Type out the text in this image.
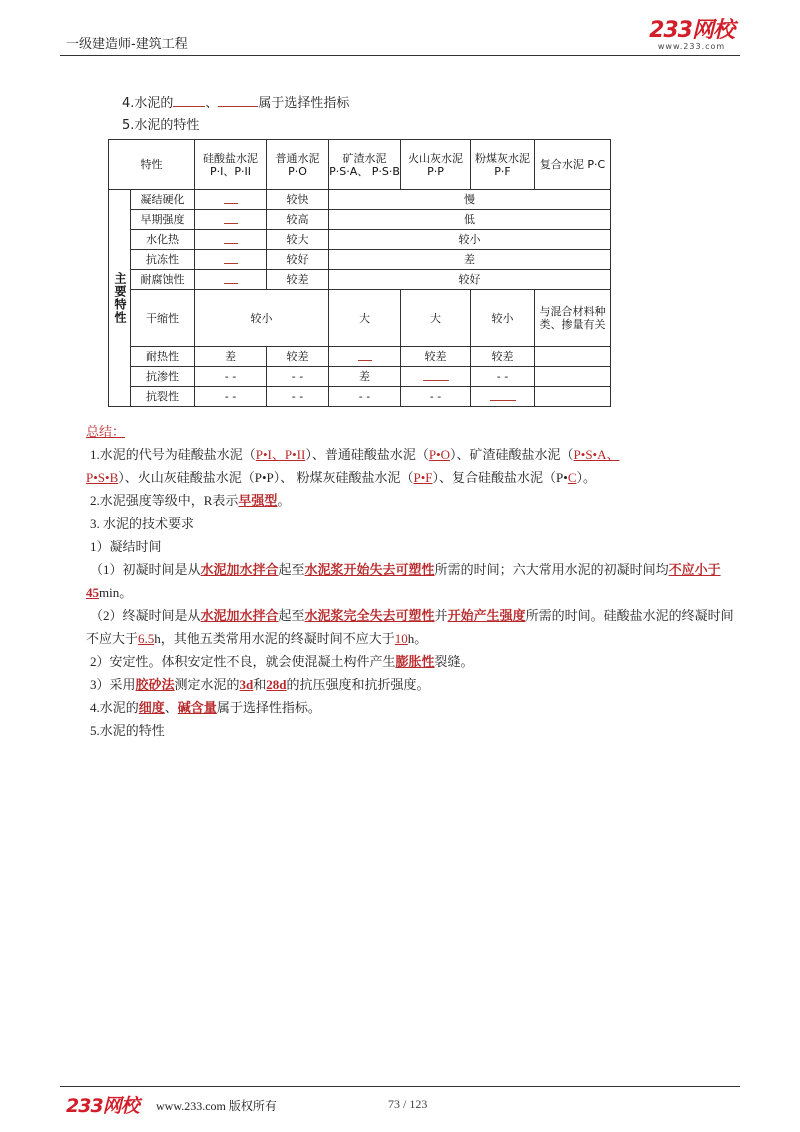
一级建造师-建筑工程
233网校
www.233.com
4.水泥的 、	属于选择性指标
5.水泥的特性
特性		硅酸盐水泥 P·I、P·II	普通水泥 P·O	矿渣水泥 P·S·A、 P·S·B	火山灰水泥P·P	粉煤灰水泥P·F	复合水泥 P·C
主要特性	凝结硬化		较快	慢			
	早期强度		较高	低			
	水化热		较大	较小			
	抗冻性		较好	差			
	耐腐蚀性		较差	较好			
	干缩性	较小		大	大	较小	与混合材料种类、掺量有关
	耐热性	差	较差		较差	较差	
	抗渗性	- -	- -	差		- -	
	抗裂性	- -	- -	- -	- -		
总结：
1.水泥的代号为硅酸盐水泥（P•I、P•II）、普通硅酸盐水泥（P•O）、矿渣硅酸盐水泥（P•S•A、
P•S•B）、火山灰硅酸盐水泥（P•P）、 粉煤灰硅酸盐水泥（P•F）、复合硅酸盐水泥（P•C）。
2.水泥强度等级中，R表示早强型。
3. 水泥的技术要求
1）凝结时间
（1）初凝时间是从水泥加水拌合起至水泥浆开始失去可塑性所需的时间；六大常用水泥的初凝时间均不应小于45min。
（2）终凝时间是从水泥加水拌合起至水泥浆完全失去可塑性并开始产生强度所需的时间。硅酸盐水泥的终凝时间不应大于6.5h，其他五类常用水泥的终凝时间不应大于10h。
2）安定性。体积安定性不良，就会使混凝土构件产生膨胀性裂缝。
3）采用胶砂法测定水泥的3d和28d的抗压强度和抗折强度。
4.水泥的细度、碱含量属于选择性指标。
5.水泥的特性
233网校 www.233.com 版权所有	73 / 123
